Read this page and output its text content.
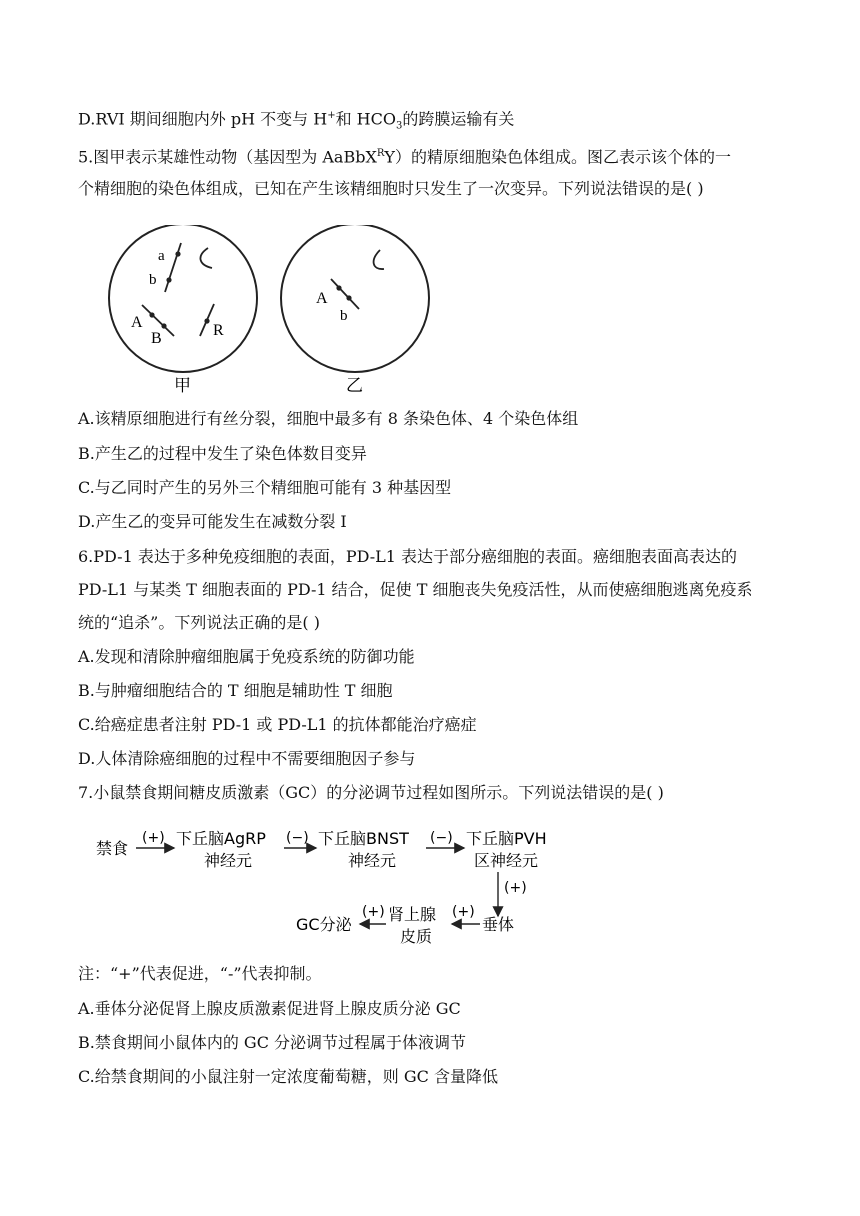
D.RVI 期间细胞内外 pH 不变与 H+和 $HCO_3$的跨膜运输有关
5.图甲表示某雄性动物（基因型为 AaBbX$^R$Y）的精原细胞染色体组成。图乙表示该个体的一
个精细胞的染色体组成，已知在产生该精细胞时只发生了一次变异。下列说法错误的是( )
a
b
A
B	R
甲
A
b
乙
A.该精原细胞进行有丝分裂，细胞中最多有 8 条染色体、4 个染色体组
B.产生乙的过程中发生了染色体数目变异
C.与乙同时产生的另外三个精细胞可能有 3 种基因型
D.产生乙的变异可能发生在减数分裂 I
6.PD-1 表达于多种免疫细胞的表面，PD-L1 表达于部分癌细胞的表面。癌细胞表面高表达的
PD-L1 与某类 T 细胞表面的 PD-1 结合，促使 T 细胞丧失免疫活性，从而使癌细胞逃离免疫系
统的“追杀”。下列说法正确的是( )
A.发现和清除肿瘤细胞属于免疫系统的防御功能
B.与肿瘤细胞结合的 T 细胞是辅助性 T 细胞
C.给癌症患者注射 PD-1 或 PD-L1 的抗体都能治疗癌症
D.人体清除癌细胞的过程中不需要细胞因子参与
7.小鼠禁食期间糖皮质激素（GC）的分泌调节过程如图所示。下列说法错误的是( )
禁食
(+) 下丘脑AgRP
神经元
(−) 下丘脑BNST
神经元
(−) 下丘脑PVH
区神经元
(+)
垂体
(+)
肾上腺
皮质
(+)
GC分泌
注：“+”代表促进，“-”代表抑制。
A.垂体分泌促肾上腺皮质激素促进肾上腺皮质分泌 GC
B.禁食期间小鼠体内的 GC 分泌调节过程属于体液调节
C.给禁食期间的小鼠注射一定浓度葡萄糖，则 GC 含量降低
